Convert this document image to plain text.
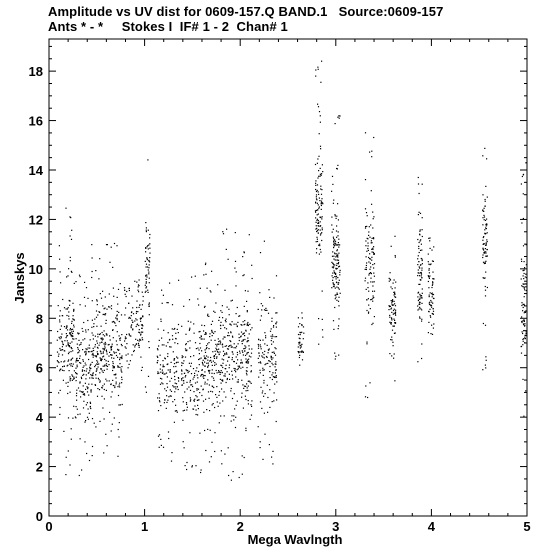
Amplitude vs UV dist for 0609-157.Q BAND.1   Source:0609-157
Ants * - *     Stokes I  IF# 1 - 2  Chan# 1
0
2
4
6
8
10
12
14
16
18
0	1	2	3	4	5
Mega Wavlngth
Janskys
